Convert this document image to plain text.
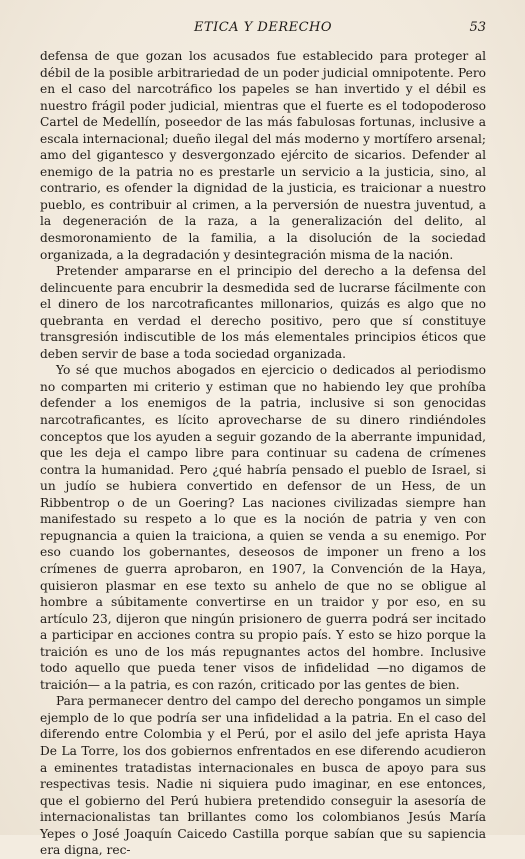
ETICA Y DERECHO	53

defensa de que gozan los acusados fue establecido para proteger al débil de la posible arbitrariedad de un poder judicial omnipotente. Pero en el caso del narcotráfico los papeles se han invertido y el débil es nuestro frágil poder judicial, mientras que el fuerte es el todopoderoso Cartel de Medellín, poseedor de las más fabulosas fortunas, inclusive a escala internacional; dueño ilegal del más moderno y mortífero arsenal; amo del gigantesco y desvergonzado ejército de sicarios. Defender al enemigo de la patria no es prestarle un servicio a la justicia, sino, al contrario, es ofender la dignidad de la justicia, es traicionar a nuestro pueblo, es contribuir al crimen, a la perversión de nuestra juventud, a la degeneración de la raza, a la generalización del delito, al desmoronamiento de la familia, a la disolución de la sociedad organizada, a la degradación y desintegración misma de la nación.

Pretender ampararse en el principio del derecho a la defensa del delincuente para encubrir la desmedida sed de lucrarse fácilmente con el dinero de los narcotraficantes millonarios, quizás es algo que no quebranta en verdad el derecho positivo, pero que sí constituye transgresión indiscutible de los más elementales principios éticos que deben servir de base a toda sociedad organizada.

Yo sé que muchos abogados en ejercicio o dedicados al periodismo no comparten mi criterio y estiman que no habiendo ley que prohíba defender a los enemigos de la patria, inclusive si son genocidas narcotraficantes, es lícito aprovecharse de su dinero rindiéndoles conceptos que los ayuden a seguir gozando de la aberrante impunidad, que les deja el campo libre para continuar su cadena de crímenes contra la humanidad. Pero ¿qué habría pensado el pueblo de Israel, si un judío se hubiera convertido en defensor de un Hess, de un Ribbentrop o de un Goering? Las naciones civilizadas siempre han manifestado su respeto a lo que es la noción de patria y ven con repugnancia a quien la traiciona, a quien se venda a su enemigo. Por eso cuando los gobernantes, deseosos de imponer un freno a los crímenes de guerra aprobaron, en 1907, la Convención de la Haya, quisieron plasmar en ese texto su anhelo de que no se obligue al hombre a súbitamente convertirse en un traidor y por eso, en su artículo 23, dijeron que ningún prisionero de guerra podrá ser incitado a participar en acciones contra su propio país. Y esto se hizo porque la traición es uno de los más repugnantes actos del hombre. Inclusive todo aquello que pueda tener visos de infidelidad —no digamos de traición— a la patria, es con razón, criticado por las gentes de bien.

Para permanecer dentro del campo del derecho pongamos un simple ejemplo de lo que podría ser una infidelidad a la patria. En el caso del diferendo entre Colombia y el Perú, por el asilo del jefe aprista Haya De La Torre, los dos gobiernos enfrentados en ese diferendo acudieron a eminentes tratadistas internacionales en busca de apoyo para sus respectivas tesis. Nadie ni siquiera pudo imaginar, en ese entonces, que el gobierno del Perú hubiera pretendido conseguir la asesoría de internacionalistas tan brillantes como los colombianos Jesús María Yepes o José Joaquín Caicedo Castilla porque sabían que su sapiencia era digna, rec-
